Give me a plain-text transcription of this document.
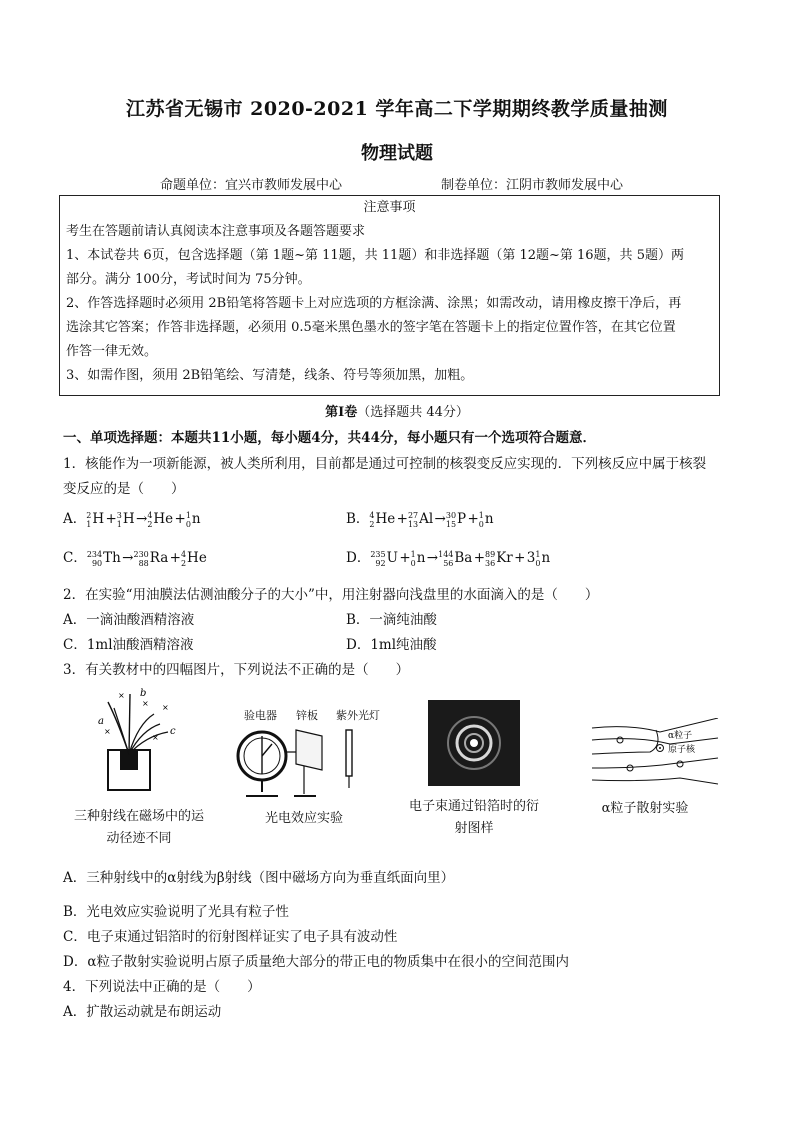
江苏省无锡市 2020-2021 学年高二下学期期终教学质量抽测
物理试题
命题单位：宜兴市教师发展中心	制卷单位：江阴市教师发展中心
注意事项
考生在答题前请认真阅读本注意事项及各题答题要求
1、本试卷共 6页，包含选择题（第 1题~第 11题，共 11题）和非选择题（第 12题~第 16题，共 5题）两
部分。满分 100分，考试时间为 75分钟。
2、作答选择题时必须用 2B铅笔将答题卡上对应选项的方框涂满、涂黑；如需改动，请用橡皮擦干净后，再
选涂其它答案；作答非选择题，必须用 0.5毫米黑色墨水的签字笔在答题卡上的指定位置作答，在其它位置
作答一律无效。
3、如需作图，须用 2B铅笔绘、写清楚，线条、符号等须加黑，加粗。
第Ⅰ卷（选择题共 44分）
一、单项选择题：本题共11小题，每小题4分，共44分，每小题只有一个选项符合题意．
1．核能作为一项新能源，被人类所利用，目前都是通过可控制的核裂变反应实现的．下列核反应中属于核裂
变反应的是（　　）
A． 2
1 H + 3
1 H → 4
2 He + 1
0 n	B． 4
2 He + 27
13 Al → 30
15 P + 1
0 n
C． 234
90 Th → 230
88 Ra + 4
2 He	D． 235
92 U + 1
0 n → 144
56 Ba + 89
36 Kr + 3 1
0 n
2．在实验“用油膜法估测油酸分子的大小”中，用注射器向浅盘里的水面滴入的是（　　）
A．一滴油酸酒精溶液	B．一滴纯油酸
C．1ml油酸酒精溶液	D．1ml纯油酸
3．有关教材中的四幅图片，下列说法不正确的是（　　）
×
×
×
×
×
b
a
c
三种射线在磁场中的运
动径迹不同
验电器 锌板 紫外光灯
光电效应实验
电子束通过铅箔时的衍
射图样
α粒子
原子核
α粒子散射实验
A．三种射线中的α射线为β射线（图中磁场方向为垂直纸面向里）
B．光电效应实验说明了光具有粒子性
C．电子束通过铝箔时的衍射图样证实了电子具有波动性
D．α粒子散射实验说明占原子质量绝大部分的带正电的物质集中在很小的空间范围内
4．下列说法中正确的是（　　）
A．扩散运动就是布朗运动
